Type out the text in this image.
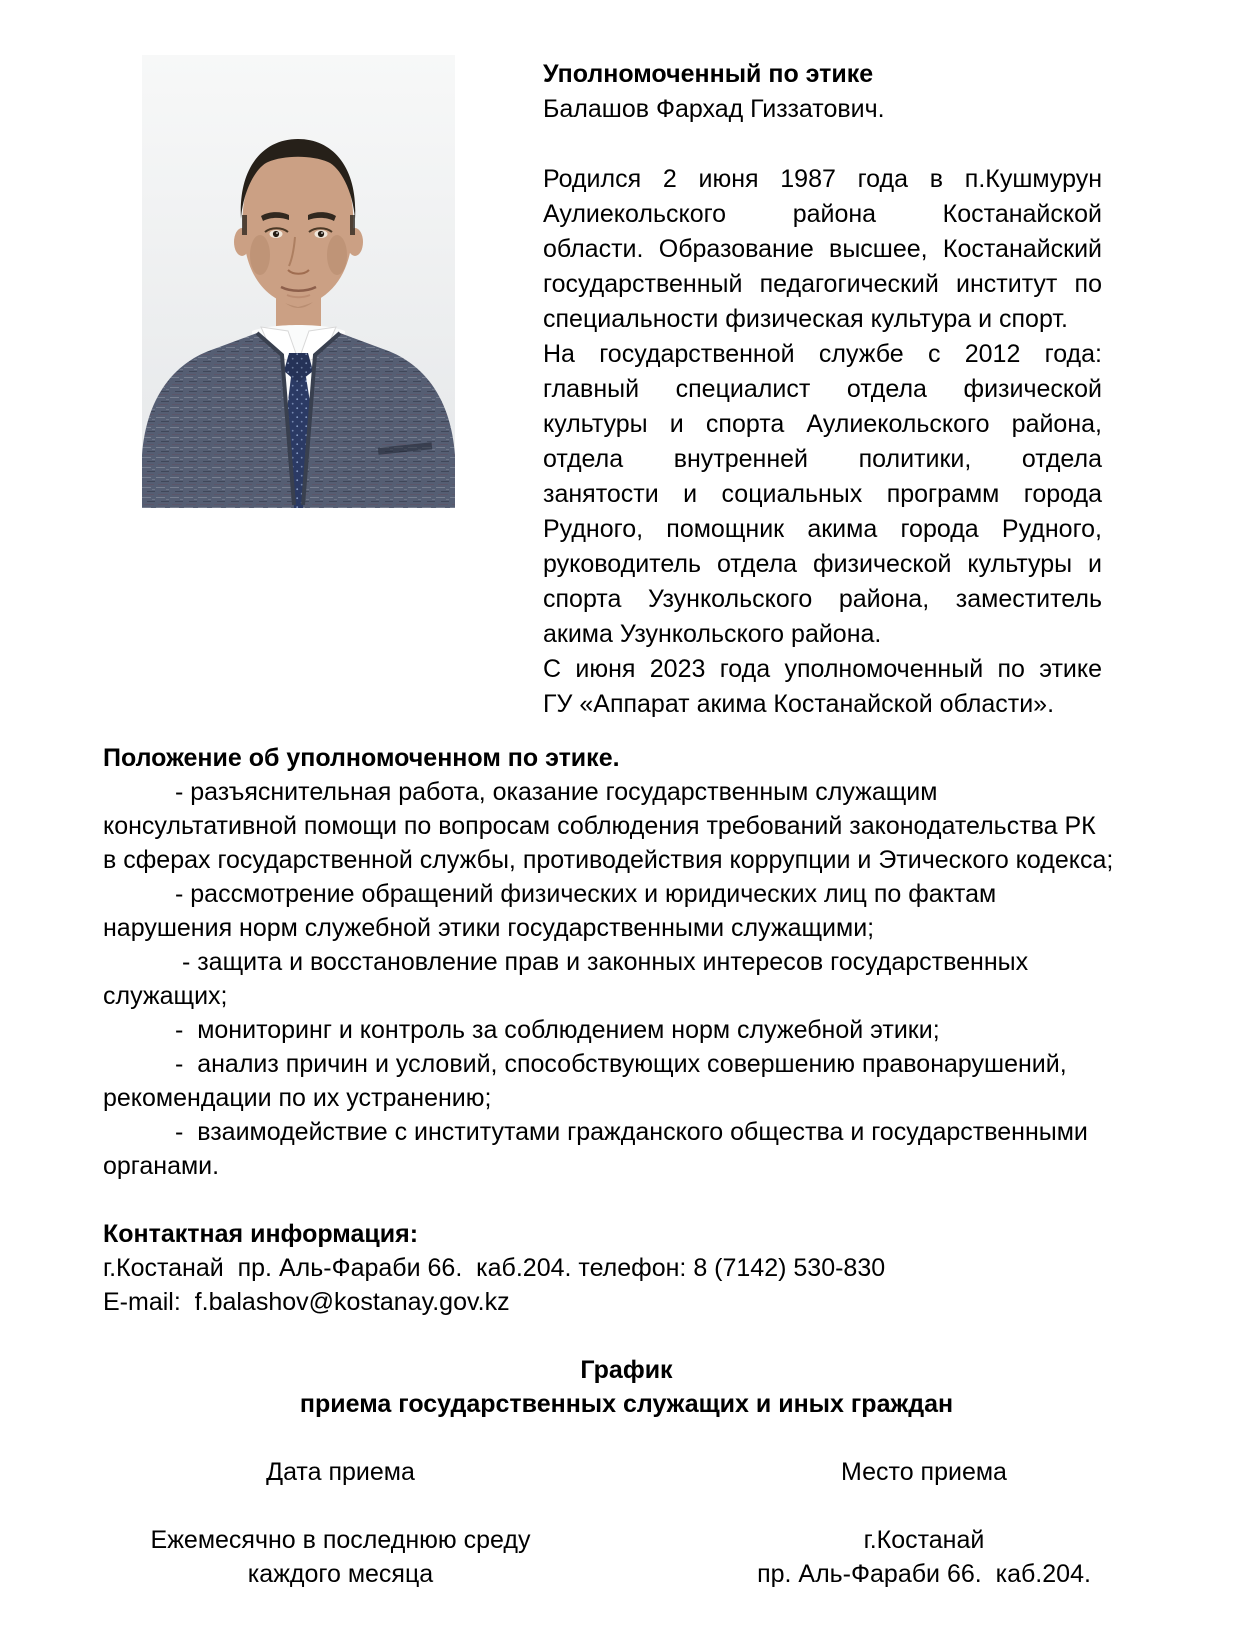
Уполномоченный по этике
Балашов Фархад Гиззатович.
Родился 2 июня 1987 года в п.Кушмурун
Аулиекольского района Костанайской
области. Образование высшее, Костанайский
государственный педагогический институт по
специальности физическая культура и спорт.
На государственной службе с 2012 года:
главный специалист отдела физической
культуры и спорта Аулиекольского района,
отдела внутренней политики, отдела
занятости и социальных программ города
Рудного, помощник акима города Рудного,
руководитель отдела физической культуры и
спорта Узункольского района, заместитель
акима Узункольского района.
С июня 2023 года уполномоченный по этике
ГУ «Аппарат акима Костанайской области».
Положение об уполномоченном по этике.
- разъяснительная работа, оказание государственным служащим
консультативной помощи по вопросам соблюдения требований законодательства РК
в сферах государственной службы, противодействия коррупции и Этического кодекса;
- рассмотрение обращений физических и юридических лиц по фактам
нарушения норм служебной этики государственными служащими;
- защита и восстановление прав и законных интересов государственных
служащих;
-  мониторинг и контроль за соблюдением норм служебной этики;
-  анализ причин и условий, способствующих совершению правонарушений,
рекомендации по их устранению;
-  взаимодействие с институтами гражданского общества и государственными
органами.
Контактная информация:
г.Костанай  пр. Аль-Фараби 66.  каб.204. телефон: 8 (7142) 530-830
E-mail:  f.balashov@kostanay.gov.kz
График
приема государственных служащих и иных граждан
Дата приема
Ежемесячно в последнюю среду
каждого месяца
Место приема
г.Костанай
пр. Аль-Фараби 66.  каб.204.
